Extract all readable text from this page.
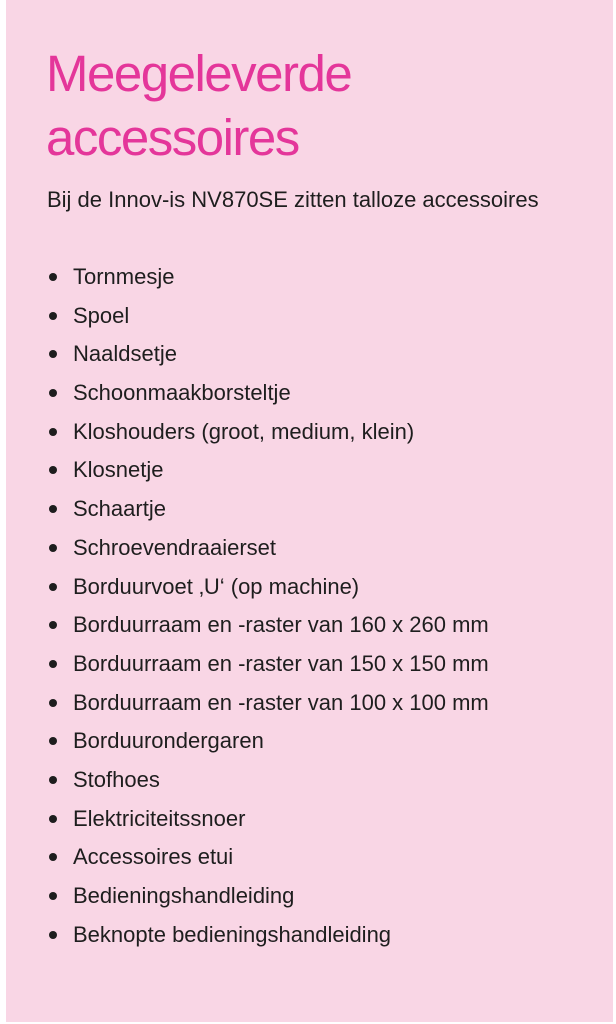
Meegeleverde
accessoires

Bij de Innov-is NV870SE zitten talloze accessoires

Tornmesje
Spoel
Naaldsetje
Schoonmaakborsteltje
Kloshouders (groot, medium, klein)
Klosnetje
Schaartje
Schroevendraaierset
Borduurvoet ‚U‘ (op machine)
Borduurraam en -raster van 160 x 260 mm
Borduurraam en -raster van 150 x 150 mm
Borduurraam en -raster van 100 x 100 mm
Borduurondergaren
Stofhoes
Elektriciteitssnoer
Accessoires etui
Bedieningshandleiding
Beknopte bedieningshandleiding
